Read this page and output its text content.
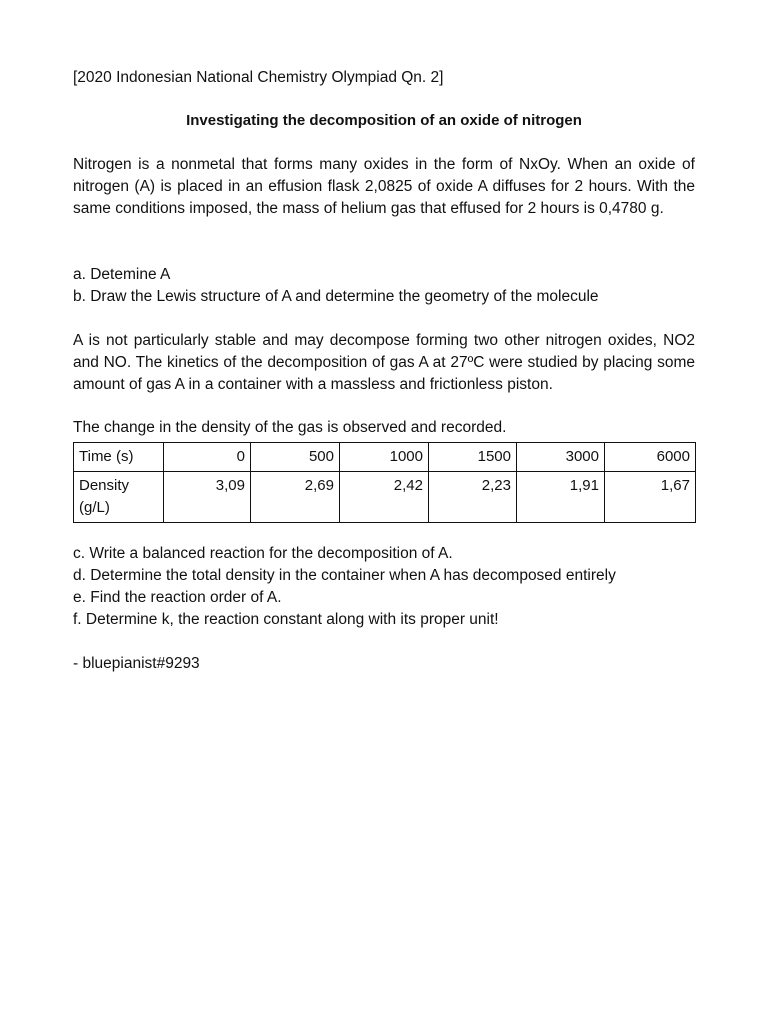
[2020 Indonesian National Chemistry Olympiad Qn. 2]
Investigating the decomposition of an oxide of nitrogen
Nitrogen is a nonmetal that forms many oxides in the form of NxOy. When an oxide of nitrogen (A) is placed in an effusion flask 2,0825 of oxide A diffuses for 2 hours. With the same conditions imposed, the mass of helium gas that effused for 2 hours is 0,4780 g.
a. Detemine A
b. Draw the Lewis structure of A and determine the geometry of the molecule
A is not particularly stable and may decompose forming two other nitrogen oxides, NO2 and NO. The kinetics of the decomposition of gas A at 27ºC were studied by placing some amount of gas A in a container with a massless and frictionless piston.
The change in the density of the gas is observed and recorded.
Time (s)	0	500	1000	1500	3000	6000
Density (g/L)	3,09	2,69	2,42	2,23	1,91	1,67
c. Write a balanced reaction for the decomposition of A.
d. Determine the total density in the container when A has decomposed entirely
e. Find the reaction order of A.
f. Determine k, the reaction constant along with its proper unit!
- bluepianist#9293
